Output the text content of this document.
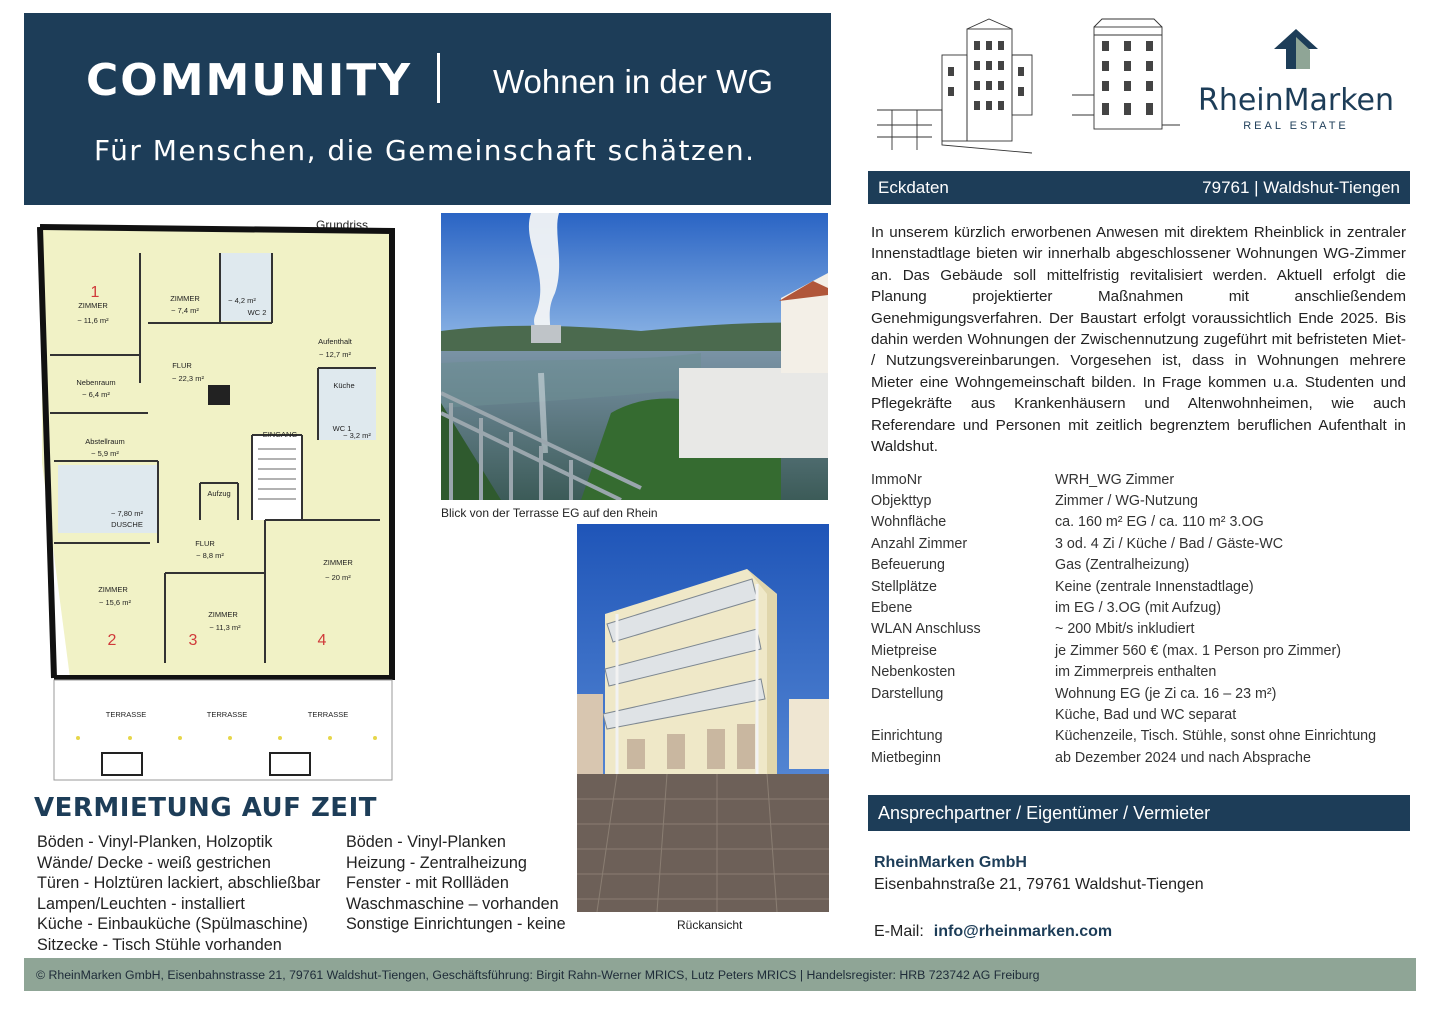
COMMUNITY Wohnen in der WG
Für Menschen, die Gemeinschaft schätzen.
RheinMarken
REAL ESTATE
Eckdaten	79761 | Waldshut-Tiengen
In unserem kürzlich erworbenen Anwesen mit direktem Rheinblick in zentraler Innenstadtlage bieten wir innerhalb abgeschlossener Wohnungen WG-Zimmer an. Das Gebäude soll mittelfristig revitalisiert werden. Aktuell erfolgt die Planung projektierter Maßnahmen mit anschließendem Genehmigungsverfahren. Der Baustart erfolgt voraussichtlich Ende 2025. Bis dahin werden Wohnungen der Zwischennutzung zugeführt mit befristeten Miet- / Nutzungsvereinbarungen. Vorgesehen ist, dass in Wohnungen mehrere Mieter eine Wohngemeinschaft bilden. In Frage kommen u.a. Studenten und Pflegekräfte aus Krankenhäusern und Altenwohnheimen, wie auch Referendare und Personen mit zeitlich begrenztem beruflichen Aufenthalt in Waldshut.
ImmoNr	WRH_WG Zimmer
Objekttyp	Zimmer / WG-Nutzung
Wohnfläche	ca. 160 m² EG / ca. 110 m² 3.OG
Anzahl Zimmer	3 od. 4 Zi / Küche / Bad / Gäste-WC
Befeuerung	Gas (Zentralheizung)
Stellplätze	Keine (zentrale Innenstadtlage)
Ebene	im EG / 3.OG (mit Aufzug)
WLAN Anschluss	~ 200 Mbit/s inkludiert
Mietpreise	je Zimmer 560 € (max. 1 Person pro Zimmer)
Nebenkosten	im Zimmerpreis enthalten
Darstellung	Wohnung EG (je Zi ca. 16 – 23 m²)
Küche, Bad und WC separat
Einrichtung	Küchenzeile, Tisch. Stühle, sonst ohne Einrichtung
Mietbeginn	ab Dezember 2024 und nach Absprache
Ansprechpartner / Eigentümer / Vermieter
RheinMarken GmbH
Eisenbahnstraße 21, 79761 Waldshut-Tiengen
E-Mail: info@rheinmarken.com
Grundriss
ZIMMER
~ 11,6 m²
ZIMMER
~ 7,4 m²	WC 2
~ 4,2 m²
Aufenthalt
~ 12,7 m²
FLUR
~ 22,3 m²
Nebenraum
~ 6,4 m²
Küche
WC 1
~ 3,2 m²
Abstellraum
~ 5,9 m²
EINGANG
DUSCHE
~ 7,80 m²
Aufzug
FLUR
~ 8,8 m²
ZIMMER
~ 20 m²
ZIMMER
~ 15,6 m²
ZIMMER
~ 11,3 m²
1
2	3	4
TERRASSE	TERRASSE	TERRASSE
Blick von der Terrasse EG auf den Rhein
Rückansicht
VERMIETUNG AUF ZEIT
Böden - Vinyl-Planken, Holzoptik
Wände/ Decke - weiß gestrichen
Türen - Holztüren lackiert, abschließbar
Lampen/Leuchten - installiert
Küche - Einbauküche (Spülmaschine)
Sitzecke - Tisch Stühle vorhanden
Böden - Vinyl-Planken
Heizung - Zentralheizung
Fenster - mit Rollläden
Waschmaschine – vorhanden
Sonstige Einrichtungen - keine
© RheinMarken GmbH, Eisenbahnstrasse 21, 79761 Waldshut-Tiengen, Geschäftsführung: Birgit Rahn-Werner MRICS, Lutz Peters MRICS | Handelsregister: HRB 723742 AG Freiburg
